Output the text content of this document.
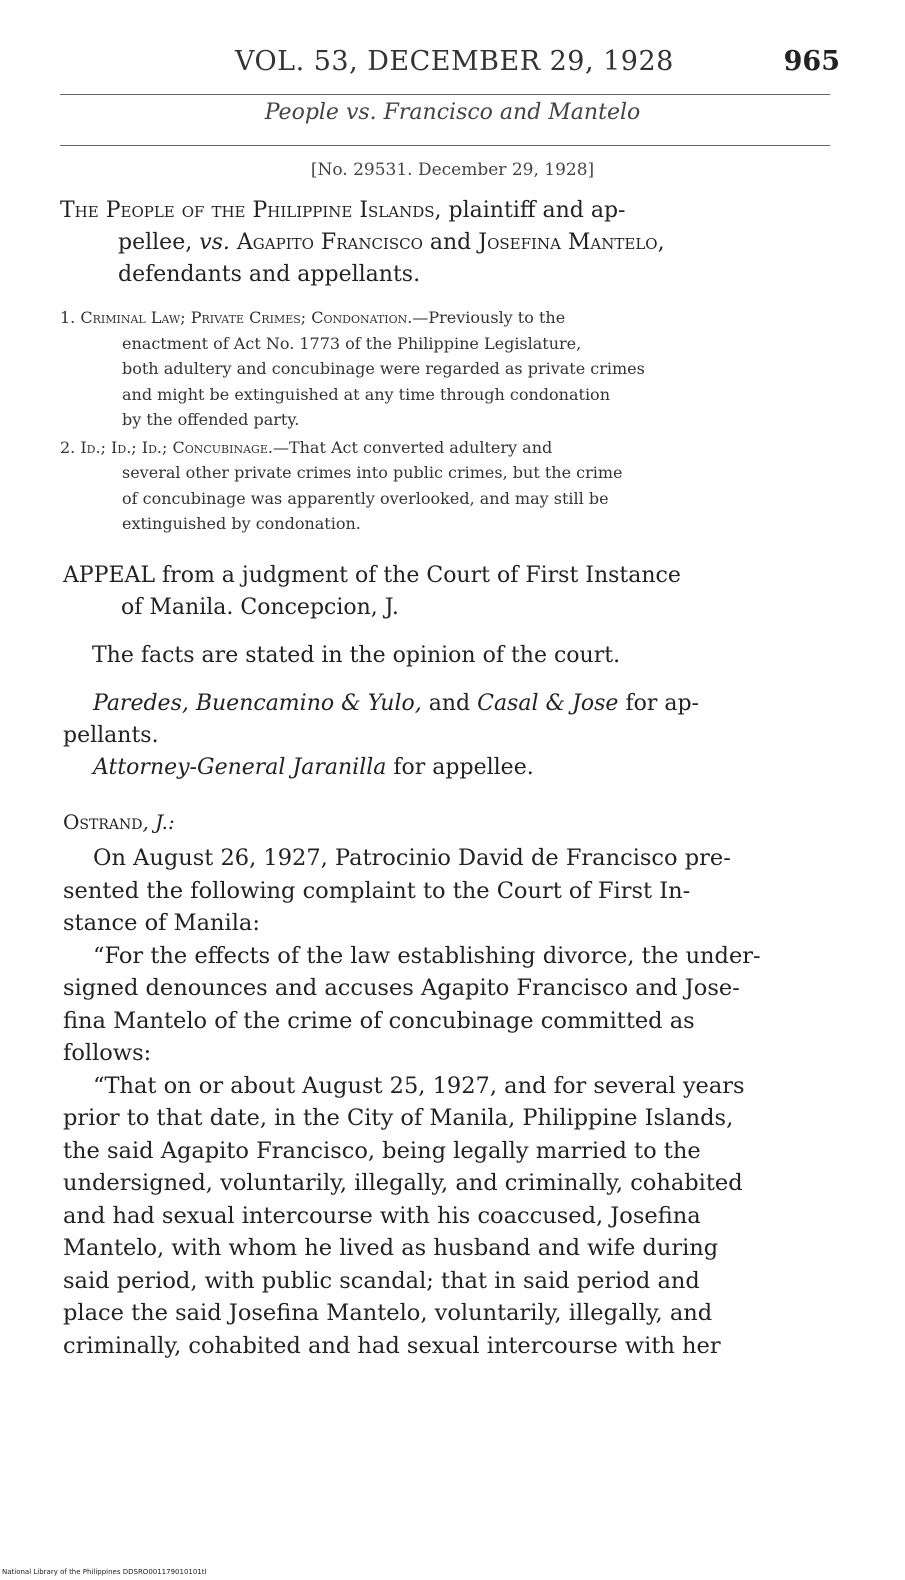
VOL. 53, DECEMBER 29, 1928	965
People vs. Francisco and Mantelo
[No. 29531. December 29, 1928]
The People of the Philippine Islands, plaintiff and ap-
pellee, vs. Agapito Francisco and Josefina Mantelo,
defendants and appellants.
1. Criminal Law; Private Crimes; Condonation.—Previously to the
enactment of Act No. 1773 of the Philippine Legislature,
both adultery and concubinage were regarded as private crimes
and might be extinguished at any time through condonation
by the offended party.
2. Id.; Id.; Id.; Concubinage.—That Act converted adultery and
several other private crimes into public crimes, but the crime
of concubinage was apparently overlooked, and may still be
extinguished by condonation.
APPEAL from a judgment of the Court of First Instance
of Manila. Concepcion, J.
The facts are stated in the opinion of the court.
Paredes, Buencamino & Yulo, and Casal & Jose for ap-
pellants.
Attorney-General Jaranilla for appellee.
Ostrand, J.:
On August 26, 1927, Patrocinio David de Francisco pre-
sented the following complaint to the Court of First In-
stance of Manila:
“For the effects of the law establishing divorce, the under-
signed denounces and accuses Agapito Francisco and Jose-
fina Mantelo of the crime of concubinage committed as
follows:
“That on or about August 25, 1927, and for several years
prior to that date, in the City of Manila, Philippine Islands,
the said Agapito Francisco, being legally married to the
undersigned, voluntarily, illegally, and criminally, cohabited
and had sexual intercourse with his coaccused, Josefina
Mantelo, with whom he lived as husband and wife during
said period, with public scandal; that in said period and
place the said Josefina Mantelo, voluntarily, illegally, and
criminally, cohabited and had sexual intercourse with her
National Library of the Philippines DDSRO001179010101tl
